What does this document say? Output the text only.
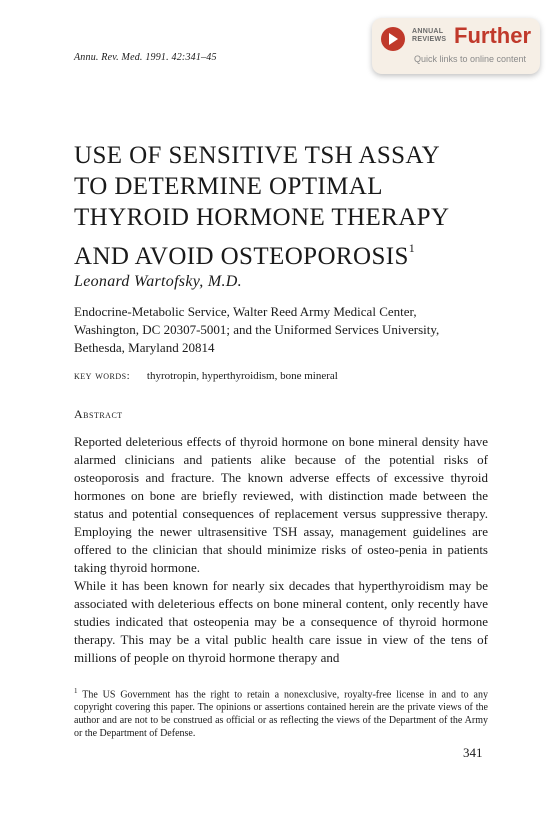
Annu. Rev. Med. 1991. 42:341–45
ANNUAL
REVIEWS Further
Quick links to online content
USE OF SENSITIVE TSH ASSAY
TO DETERMINE OPTIMAL
THYROID HORMONE THERAPY
AND AVOID OSTEOPOROSIS$^1$
Leonard Wartofsky, M.D.
Endocrine-Metabolic Service, Walter Reed Army Medical Center,
Washington, DC 20307-5001; and the Uniformed Services University,
Bethesda, Maryland 20814
key words: thyrotropin, hyperthyroidism, bone mineral
Abstract

Reported deleterious effects of thyroid hormone on bone mineral density have alarmed clinicians and patients alike because of the potential risks of osteoporosis and fracture. The known adverse effects of excessive thyroid hormones on bone are briefly reviewed, with distinction made between the status and potential consequences of replacement versus suppressive therapy. Employing the newer ultrasensitive TSH assay, management guidelines are offered to the clinician that should minimize risks of osteo-penia in patients taking thyroid hormone.

While it has been known for nearly six decades that hyperthyroidism may be associated with deleterious effects on bone mineral content, only recently have studies indicated that osteopenia may be a consequence of thyroid hormone therapy. This may be a vital public health care issue in view of the tens of millions of people on thyroid hormone therapy and

$^1$ The US Government has the right to retain a nonexclusive, royalty-free license in and to any copyright covering this paper. The opinions or assertions contained herein are the private views of the author and are not to be construed as official or as reflecting the views of the Department of the Army or the Department of Defense.

341
